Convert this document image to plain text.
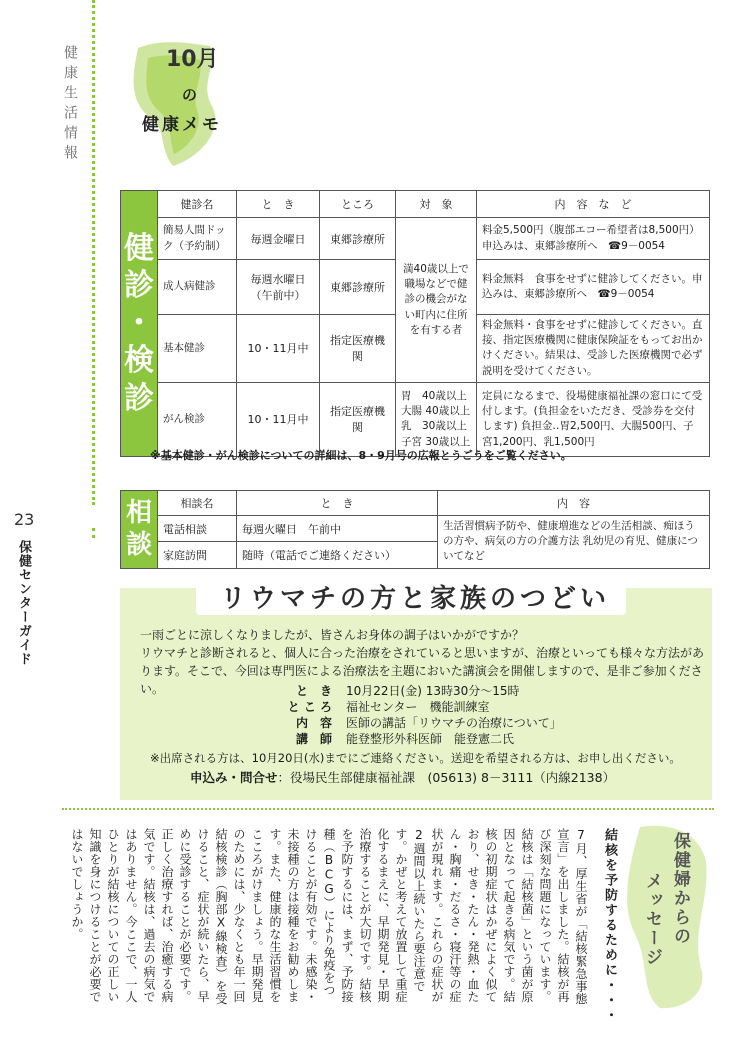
健康生活情報
23
保健センターガイド
10月
の
健康メモ
健
診
・
検
診	健診名	と　き	ところ	対　象	内　容　な　ど
	簡易人間ドック（予約制）	毎週金曜日	東郷診療所	満40歳以上で職場などで健診の機会がない町内に住所を有する者	料金5,500円（腹部エコー希望者は8,500円）申込みは、東郷診療所へ　☎9－0054
	成人病健診	毎週水曜日（午前中）	東郷診療所		料金無料　食事をせずに健診してください。申込みは、東郷診療所へ　☎9－0054
	基本健診	10・11月中	指定医療機関		料金無料・食事をせずに健診してください。直接、指定医療機関に健康保険証をもってお出かけください。結果は、受診した医療機関で必ず説明を受けてください。
	がん検診	10・11月中	指定医療機関	胃　40歳以上
大腸 40歳以上
乳　30歳以上
子宮 30歳以上	定員になるまで、役場健康福祉課の窓口にて受付します。(負担金をいただき、受診券を交付します) 負担金‥胃2,500円、大腸500円、子宮1,200円、乳1,500円
※基本健診・がん検診についての詳細は、8・9月号の広報とうごうをご覧ください。
相
談	相談名	と　き	内　容
	電話相談	毎週火曜日　午前中	生活習慣病予防や、健康増進などの生活相談、痴ほうの方や、病気の方の介護方法 乳幼児の育児、健康についてなど
	家庭訪問	随時（電話でご連絡ください）	
リウマチの方と家族のつどい

一雨ごとに涼しくなりましたが、皆さんお身体の調子はいかがですか？

リウマチと診断されると、個人に合った治療をされていると思いますが、治療といっても様々な方法があります。そこで、今回は専門医による治療法を主題においた講演会を開催しますので、是非ご参加ください。	と　き	10月22日(金) 13時30分～15時
と こ ろ	福祉センター　機能訓練室
内　容	医師の講話「リウマチの治療について」
講　師	能登整形外科医師　能登憲二氏
※出席される方は、10月20日(水)までにご連絡ください。送迎を希望される方は、お申し出ください。
申込み・問合せ：役場民生部健康福祉課　(05613) 8－3111（内線2138）
保健婦からの
メッセージ
結核を予防するために・・・

7月、厚生省が「結核緊急事態宣言」を出しました。結核が再び深刻な問題になっています。結核は「結核菌」という菌が原因となって起きる病気です。結核の初期症状はかぜによく似ており、せき・たん・発熱・血たん・胸痛・だるさ・寝汗等の症状が現れます。これらの症状が2週間以上続いたら要注意です。かぜと考えて放置して重症化するまえに、早期発見・早期治療することが大切です。結核を予防するには、まず、予防接種（BCG）により免疫をつけることが有効です。未感染・未接種の方は接種をお勧めします。また、健康的な生活習慣をこころがけましょう。早期発見のためには、少なくとも年一回結核検診（胸部X線検査）を受けること、症状が続いたら、早めに受診することが必要です。正しく治療すれば、治癒する病気です。結核は、過去の病気ではありません。今ここで、一人ひとりが結核についての正しい知識を身につけることが必要ではないでしょうか。
